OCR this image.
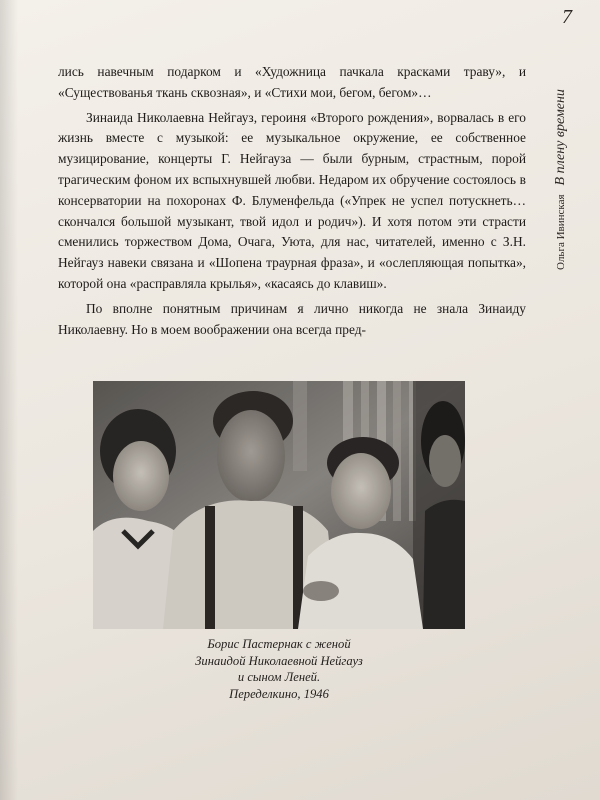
7
Ольга Ивинская В плену времени

лись навечным подарком и «Художница пачкала красками траву», и «Существованья ткань сквозная», и «Стихи мои, бегом, бегом»…

Зинаида Николаевна Нейгауз, героиня «Второго рождения», ворвалась в его жизнь вместе с музыкой: ее музыкальное окружение, ее собственное музицирование, концерты Г. Нейгауза — были бурным, страстным, порой трагическим фоном их вспыхнувшей любви. Недаром их обручение состоялось в консерватории на похоронах Ф. Блуменфельда («Упрек не успел потускнеть… скончался большой музыкант, твой идол и родич»). И хотя потом эти страсти сменились торжеством Дома, Очага, Уюта, для нас, читателей, именно с З.Н. Нейгауз навеки связана и «Шопена траурная фраза», и «ослепляющая попытка», которой она «расправляла крылья», «касаясь до клавиш».

По вполне понятным причинам я лично никогда не знала Зинаиду Николаевну. Но в моем воображении она всегда пред-

Борис Пастернак с женой
Зинаидой Николаевной Нейгауз
и сыном Леней.
Переделкино, 1946
